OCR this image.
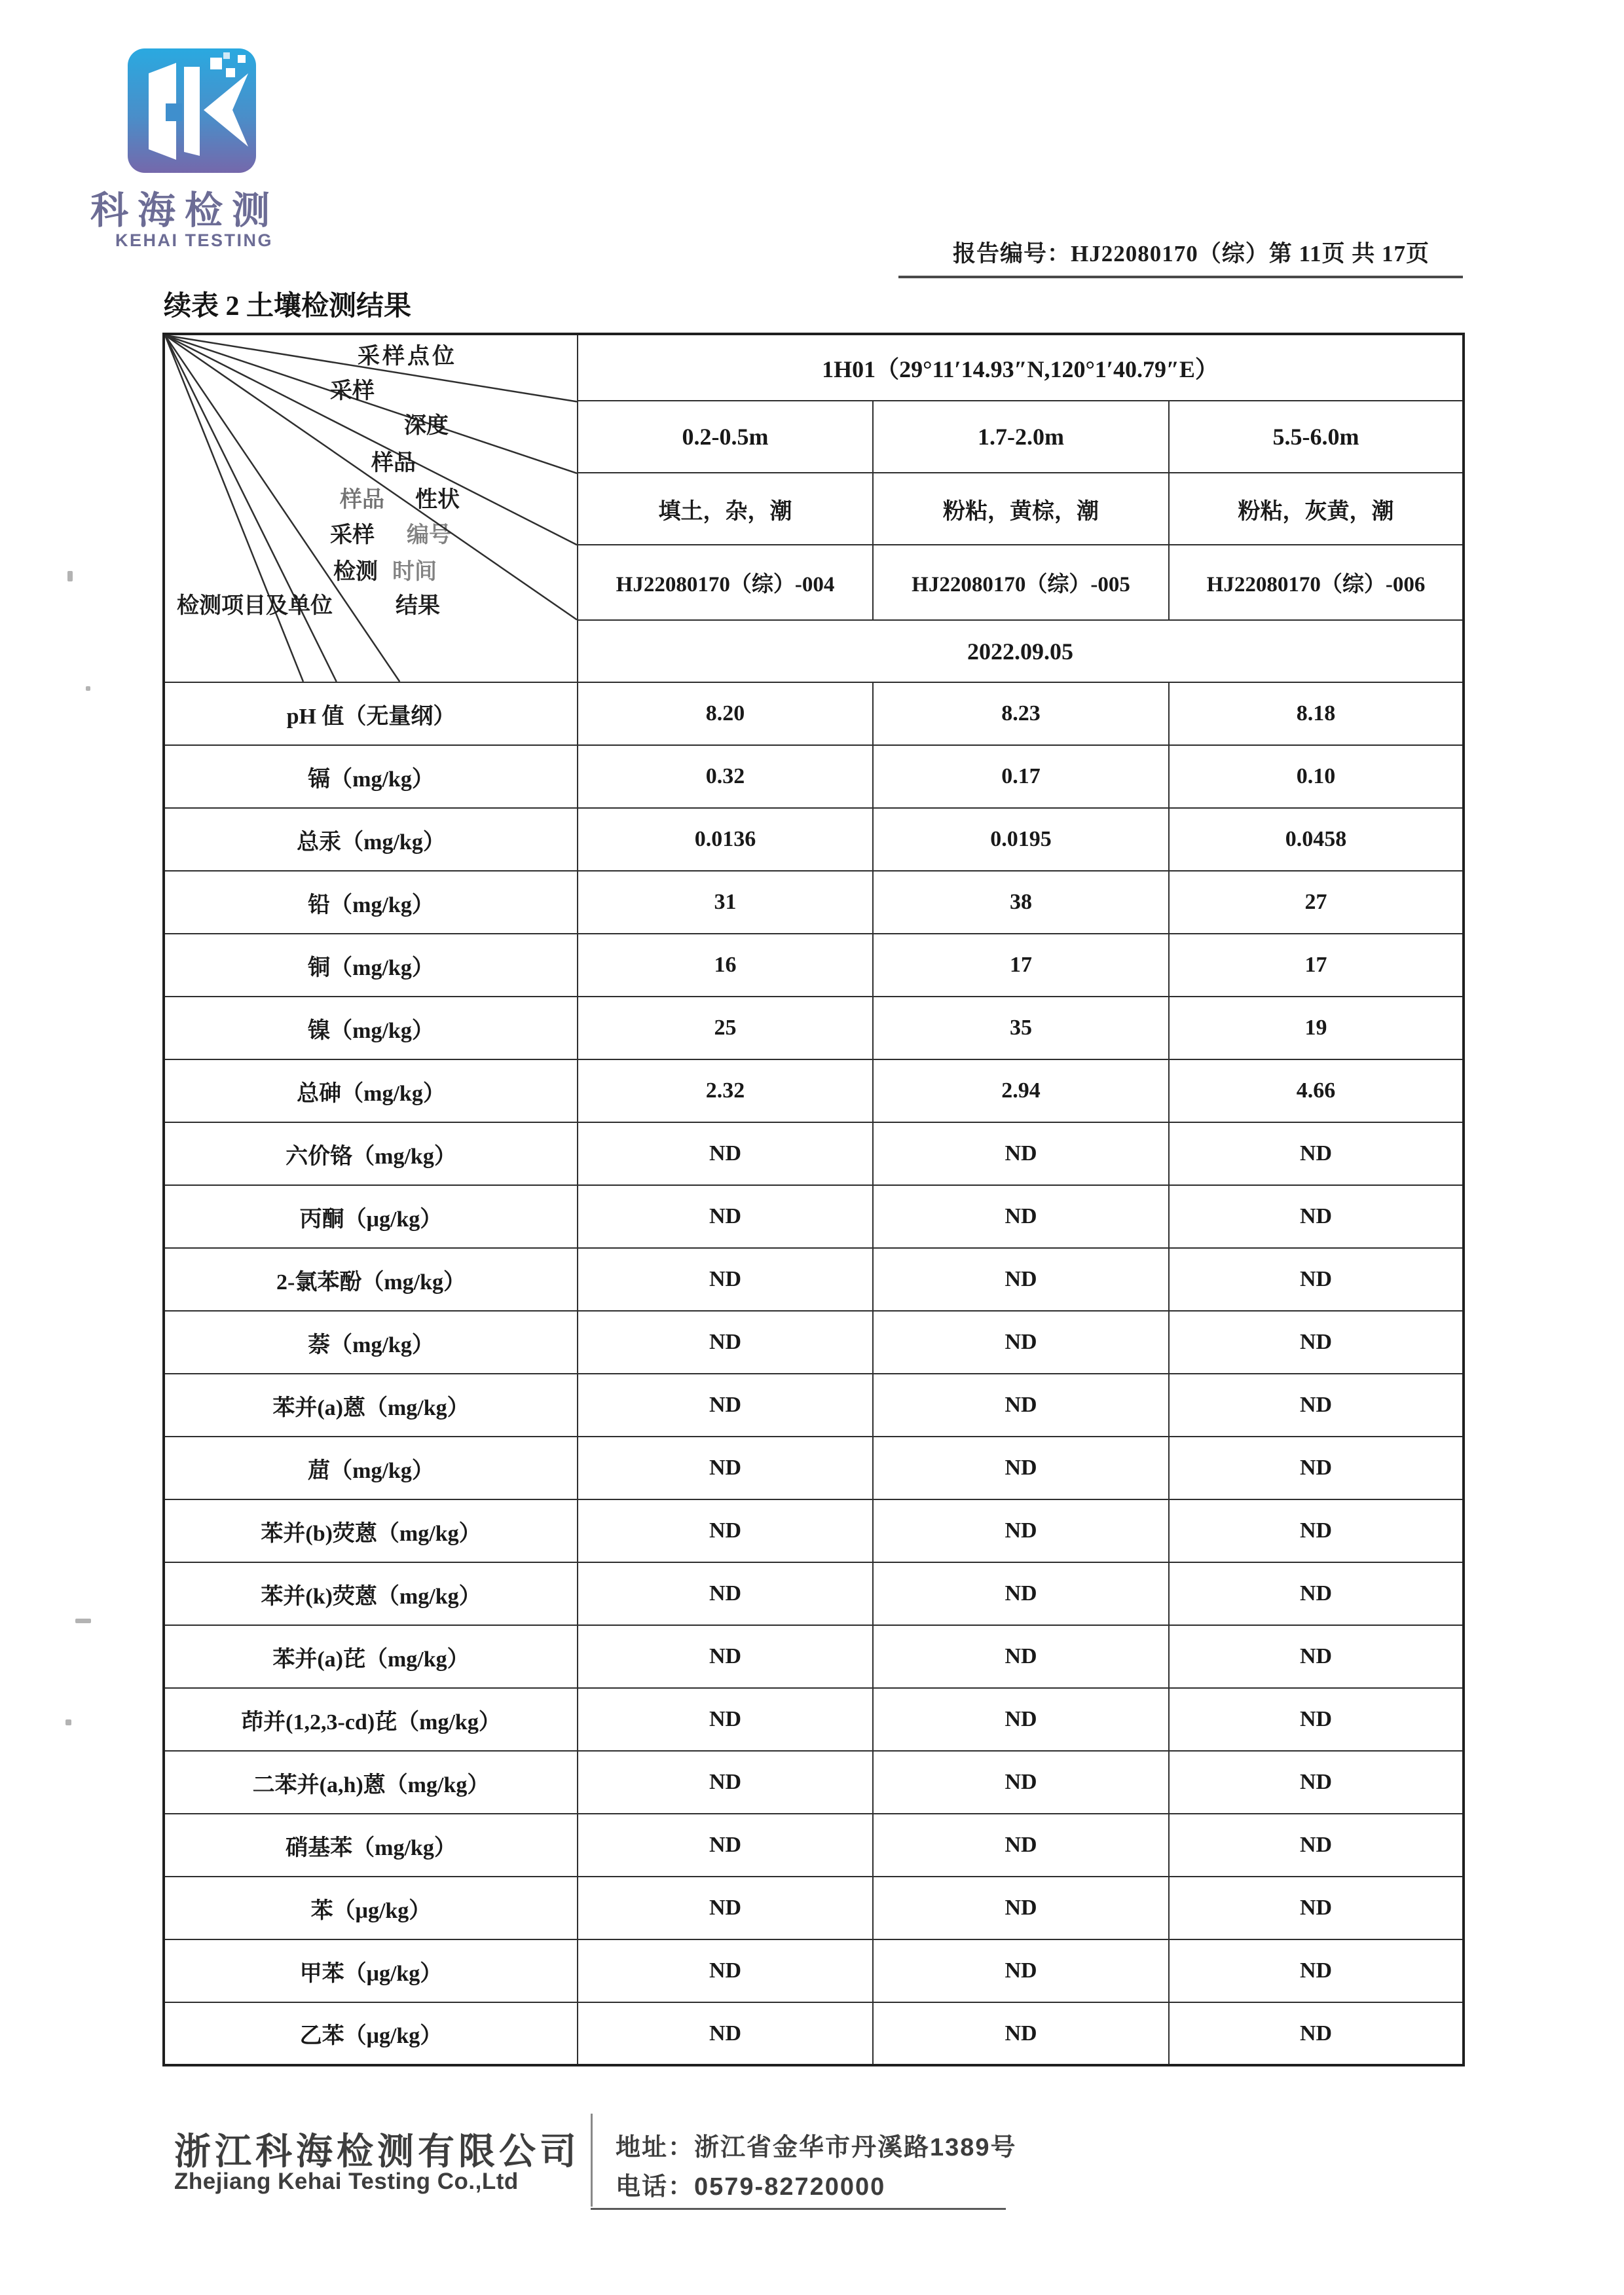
科海检测
KEHAI TESTING
报告编号：HJ22080170（综）第 11页 共 17页
续表 2 土壤检测结果
采样点位
采样
深度
样品
样品 性状
采样 编号
检测 时间
检测项目及单位	结果
	1H01（29°11′14.93″N,120°1′40.79″E）
	0.2-0.5m	1.7-2.0m	5.5-6.0m
	填土，杂，潮	粉粘，黄棕，潮	粉粘，灰黄，潮
	HJ22080170（综）-004	HJ22080170（综）-005	HJ22080170（综）-006
	2022.09.05		
pH 值（无量纲）	8.20	8.23	8.18
镉（mg/kg）	0.32	0.17	0.10
总汞（mg/kg）	0.0136	0.0195	0.0458
铅（mg/kg）	31	38	27
铜（mg/kg）	16	17	17
镍（mg/kg）	25	35	19
总砷（mg/kg）	2.32	2.94	4.66
六价铬（mg/kg）	ND	ND	ND
丙酮（μg/kg）	ND	ND	ND
2-氯苯酚（mg/kg）	ND	ND	ND
萘（mg/kg）	ND	ND	ND
苯并(a)蒽（mg/kg）	ND	ND	ND
䓛（mg/kg）	ND	ND	ND
苯并(b)荧蒽（mg/kg）	ND	ND	ND
苯并(k)荧蒽（mg/kg）	ND	ND	ND
苯并(a)芘（mg/kg）	ND	ND	ND
茚并(1,2,3-cd)芘（mg/kg）	ND	ND	ND
二苯并(a,h)蒽（mg/kg）	ND	ND	ND
硝基苯（mg/kg）	ND	ND	ND
苯（μg/kg）	ND	ND	ND
甲苯（μg/kg）	ND	ND	ND
乙苯（μg/kg）	ND	ND	ND
浙江科海检测有限公司
Zhejiang Kehai Testing Co.,Ltd
地址：浙江省金华市丹溪路1389号
电话：0579-82720000
